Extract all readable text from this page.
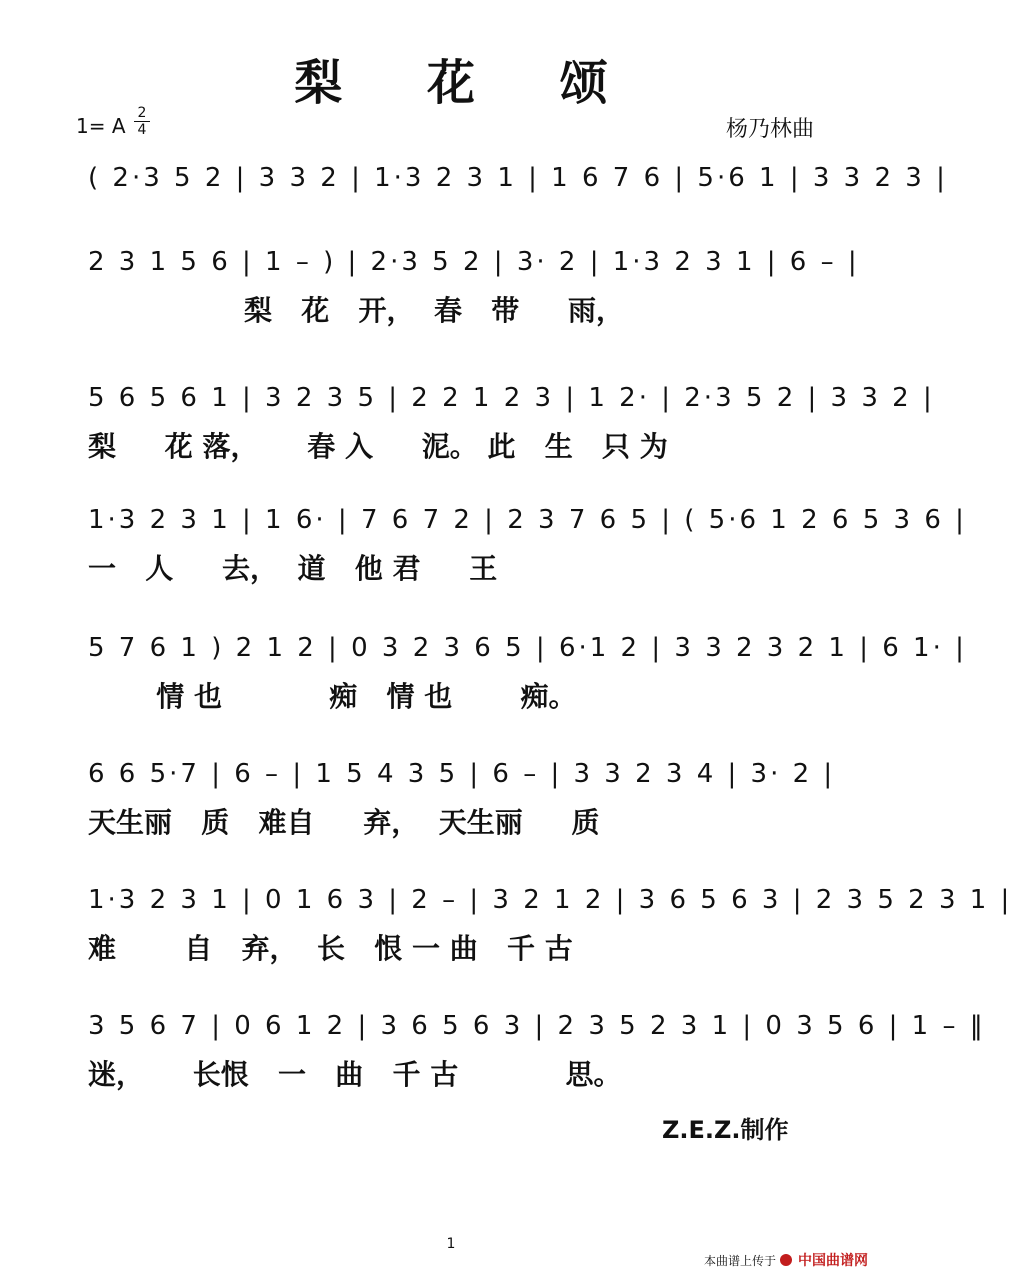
梨 花 颂
1= A
2
4	杨乃林曲
( 2·3 5 2 | 3 3 2 | 1·3 2 3 1 | 1 6 7 6 | 5·6 1 | 3 3 2 3 |
2 3 1 5 6 | 1 – ) | 2·3 5 2 | 3· 2 | 1·3 2 3 1 | 6 – |
梨   花   开，  春   带     雨，
5 6 5 6 1 | 3 2 3 5 | 2 2 1 2 3 | 1 2· | 2·3 5 2 | 3 3 2 |
梨     花 落，     春 入     泥。 此   生   只 为
1·3 2 3 1 | 1 6· | 7 6 7 2 | 2 3 7 6 5 | ( 5·6 1 2 6 5 3 6 |
一   人     去，  道   他 君     王
5 7 6 1 ) 2 1 2 | 0 3 2 3 6 5 | 6·1 2 | 3 3 2 3 2 1 | 6 1· |
情 也           痴   情 也       痴。
6 6 5·7 | 6 – | 1 5 4 3 5 | 6 – | 3 3 2 3 4 | 3· 2 |
天生丽   质   难自     弃，  天生丽     质
1·3 2 3 1 | 0 1 6 3 | 2 – | 3 2 1 2 | 3 6 5 6 3 | 2 3 5 2 3 1 |
难       自   弃，  长   恨 一 曲   千 古
3 5 6 7 | 0 6 1 2 | 3 6 5 6 3 | 2 3 5 2 3 1 | 0 3 5 6 | 1 – ‖
迷，     长恨   一   曲   千 古           思。
Z.E.Z.制作
1
本曲谱上传于 中国曲谱网
